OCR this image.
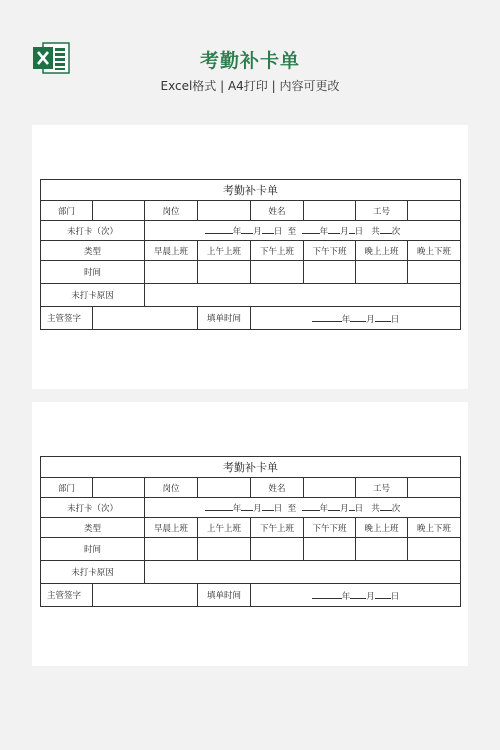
考勤补卡单
Excel格式 | A4打印 | 内容可更改
考勤补卡单							
部门		岗位		姓名		工号	
未打卡（次）		年 月 日 至 年 月 日 共 次					
类型		早晨上班	上午上班	下午上班	下午下班	晚上上班	晚上下班
时间							
未打卡原因							
主管签字			填单时间	年 月 日			
考勤补卡单							
部门		岗位		姓名		工号	
未打卡（次）		年 月 日 至 年 月 日 共 次					
类型		早晨上班	上午上班	下午上班	下午下班	晚上上班	晚上下班
时间							
未打卡原因							
主管签字			填单时间	年 月 日			
